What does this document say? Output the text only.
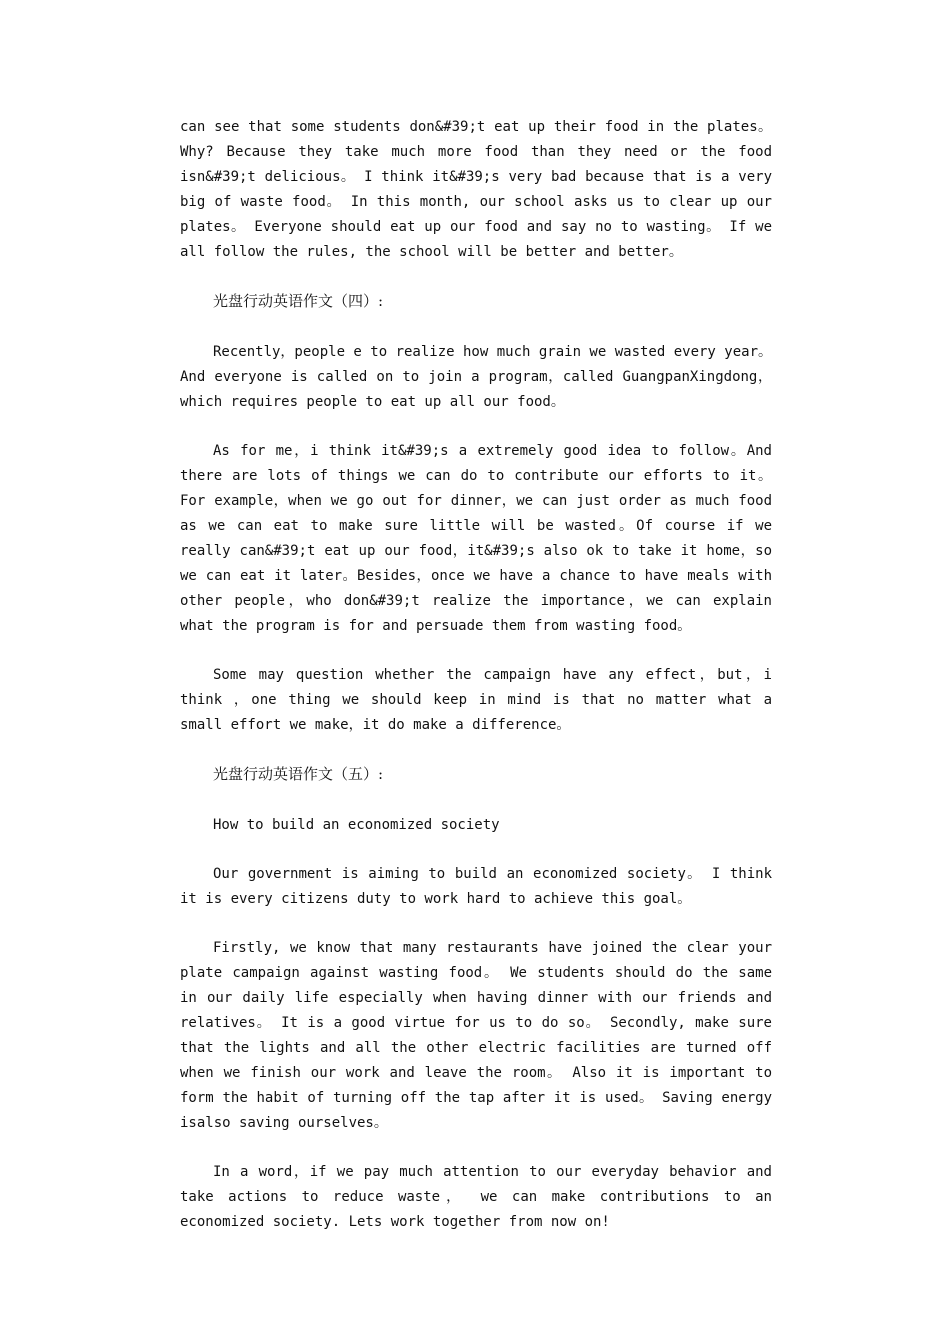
can see that some students don&#39;t eat up their food in the plates。 Why? Because they take much more food than they need or the food isn&#39;t delicious。 I think it&#39;s very bad because that is a very big of waste food。 In this month, our school asks us to clear up our plates。 Everyone should eat up our food and say no to wasting。 If we all follow the rules, the school will be better and better。

光盘行动英语作文（四）:

Recently，people e to realize how much grain we wasted every year。And everyone is called on to join a program，called GuangpanXingdong，which requires people to eat up all our food。

As for me，i think it&#39;s a extremely good idea to follow。And there are lots of things we can do to contribute our efforts to it。For example，when we go out for dinner，we can just order as much food as we can eat to make sure little will be wasted。Of course if we really can&#39;t eat up our food，it&#39;s also ok to take it home，so we can eat it later。Besides，once we have a chance to have meals with other people，who don&#39;t realize the importance，we can explain what the program is for and persuade them from wasting food。

Some may question whether the campaign have any effect，but，i think ，one thing we should keep in mind is that no matter what a small effort we make，it do make a difference。

光盘行动英语作文（五）:

How to build an economized society

Our government is aiming to build an economized society。 I think it is every citizens duty to work hard to achieve this goal。

Firstly, we know that many restaurants have joined the clear your plate campaign against wasting food。 We students should do the same in our daily life especially when having dinner with our friends and relatives。 It is a good virtue for us to do so。 Secondly, make sure that the lights and all the other electric facilities are turned off when we finish our work and leave the room。 Also it is important to form the habit of turning off the tap after it is used。 Saving energy isalso saving ourselves。

In a word，if we pay much attention to our everyday behavior and take actions to reduce waste， we can make contributions to an economized society. Lets work together from now on!
